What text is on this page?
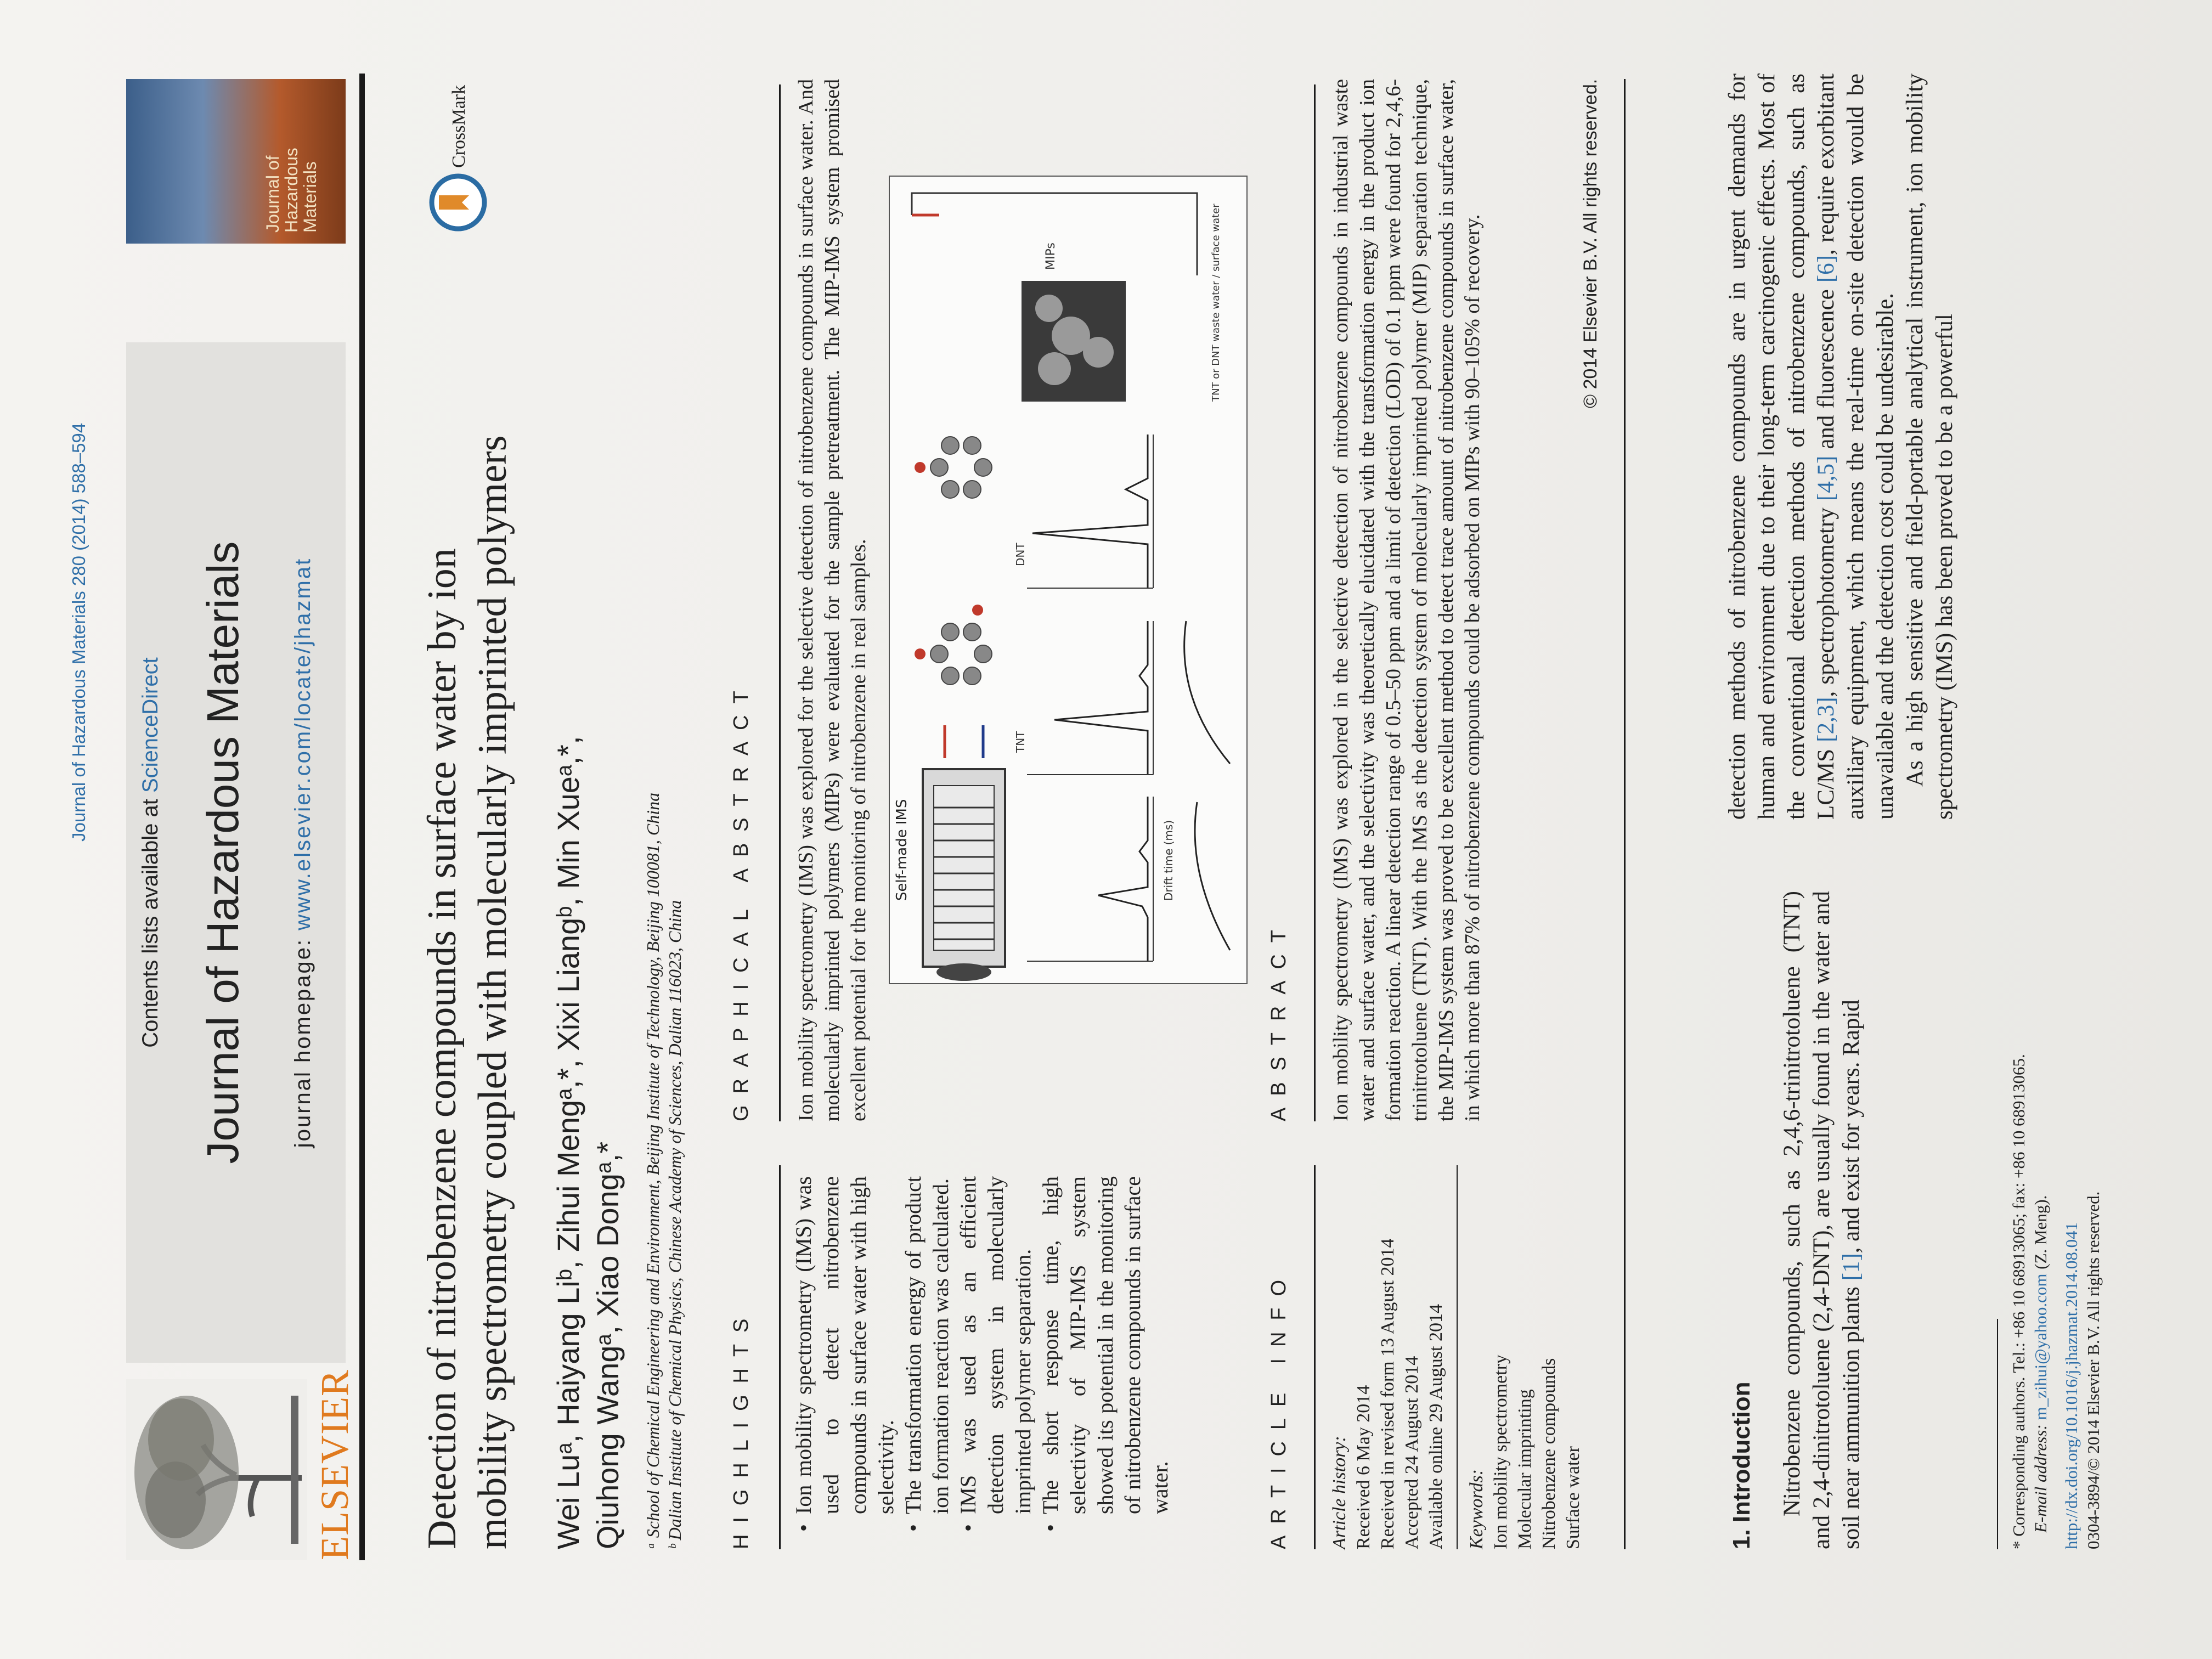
Journal of Hazardous Materials 280 (2014) 588–594
ELSEVIER
Contents lists available at ScienceDirect Journal of Hazardous Materials journal homepage: www.elsevier.com/locate/jhazmat
Journal of Hazardous Materials
Detection of nitrobenzene compounds in surface water by ion mobility spectrometry coupled with molecularly imprinted polymers
CrossMark
Wei Luᵃ, Haiyang Liᵇ, Zihui Mengᵃ,*, Xixi Liangᵇ, Min Xueᵃ,*, Qiuhong Wangᵃ, Xiao Dongᵃ,* ᵃ School of Chemical Engineering and Environment, Beijing Institute of Technology, Beijing 100081, China ᵇ Dalian Institute of Chemical Physics, Chinese Academy of Sciences, Dalian 116023, China HIGHLIGHTS
GRAPHICAL ABSTRACT
• Ion mobility spectrometry (IMS) was used to detect nitrobenzene compounds in surface water with high selectivity. • The transformation energy of product ion formation reaction was calculated. • IMS was used as an efficient detection system in molecularly imprinted polymer separation. • The short response time, high selectivity of MIP-IMS system showed its potential in the monitoring of nitrobenzene compounds in surface water.
Ion mobility spectrometry (IMS) was explored for the selective detection of nitrobenzene compounds in surface water. And molecularly imprinted polymers (MIPs) were evaluated for the sample pretreatment. The MIP-IMS system promised excellent potential for the monitoring of nitrobenzene in real samples. Self-made IMS	Drift time (ms)
TNT
DNT
MIPs	TNT or DNT waste water / surface water
ARTICLE INFO
ABSTRACT
Article history: Received 6 May 2014 Received in revised form 13 August 2014 Accepted 24 August 2014 Available online 29 August 2014 Keywords: Ion mobility spectrometry Molecular imprinting Nitrobenzene compounds Surface water
Ion mobility spectrometry (IMS) was explored in the selective detection of nitrobenzene compounds in industrial waste water and surface water, and the selectivity was theoretically elucidated with the transformation energy in the product ion formation reaction. A linear detection range of 0.5–50 ppm and a limit of detection (LOD) of 0.1 ppm were found for 2,4,6-trinitrotoluene (TNT). With the IMS as the detection system of molecularly imprinted polymer (MIP) separation technique, the MIP-IMS system was proved to be excellent method to detect trace amount of nitrobenzene compounds in surface water, in which more than 87% of nitrobenzene compounds could be adsorbed on MIPs with 90–105% of recovery.	© 2014 Elsevier B.V. All rights reserved.
1. Introduction Nitrobenzene compounds, such as 2,4,6-trinitrotoluene (TNT) and 2,4-dinitrotoluene (2,4-DNT), are usually found in the water and soil near ammunition plants [1], and exist for years. Rapid
detection methods of nitrobenzene compounds are in urgent demands for human and environment due to their long-term carcinogenic effects. Most of the conventional detection methods of nitrobenzene compounds, such as LC/MS [2,3], spectrophotometry [4,5] and fluorescence [6], require exorbitant auxiliary equipment, which means the real-time on-site detection would be unavailable and the detection cost could be undesirable. As a high sensitive and field-portable analytical instrument, ion mobility spectrometry (IMS) has been proved to be a powerful
* Corresponding authors. Tel.: +86 10 68913065; fax: +86 10 68913065. E-mail address: m_zihui@yahoo.com (Z. Meng). http://dx.doi.org/10.1016/j.jhazmat.2014.08.041 0304-3894/© 2014 Elsevier B.V. All rights reserved.
